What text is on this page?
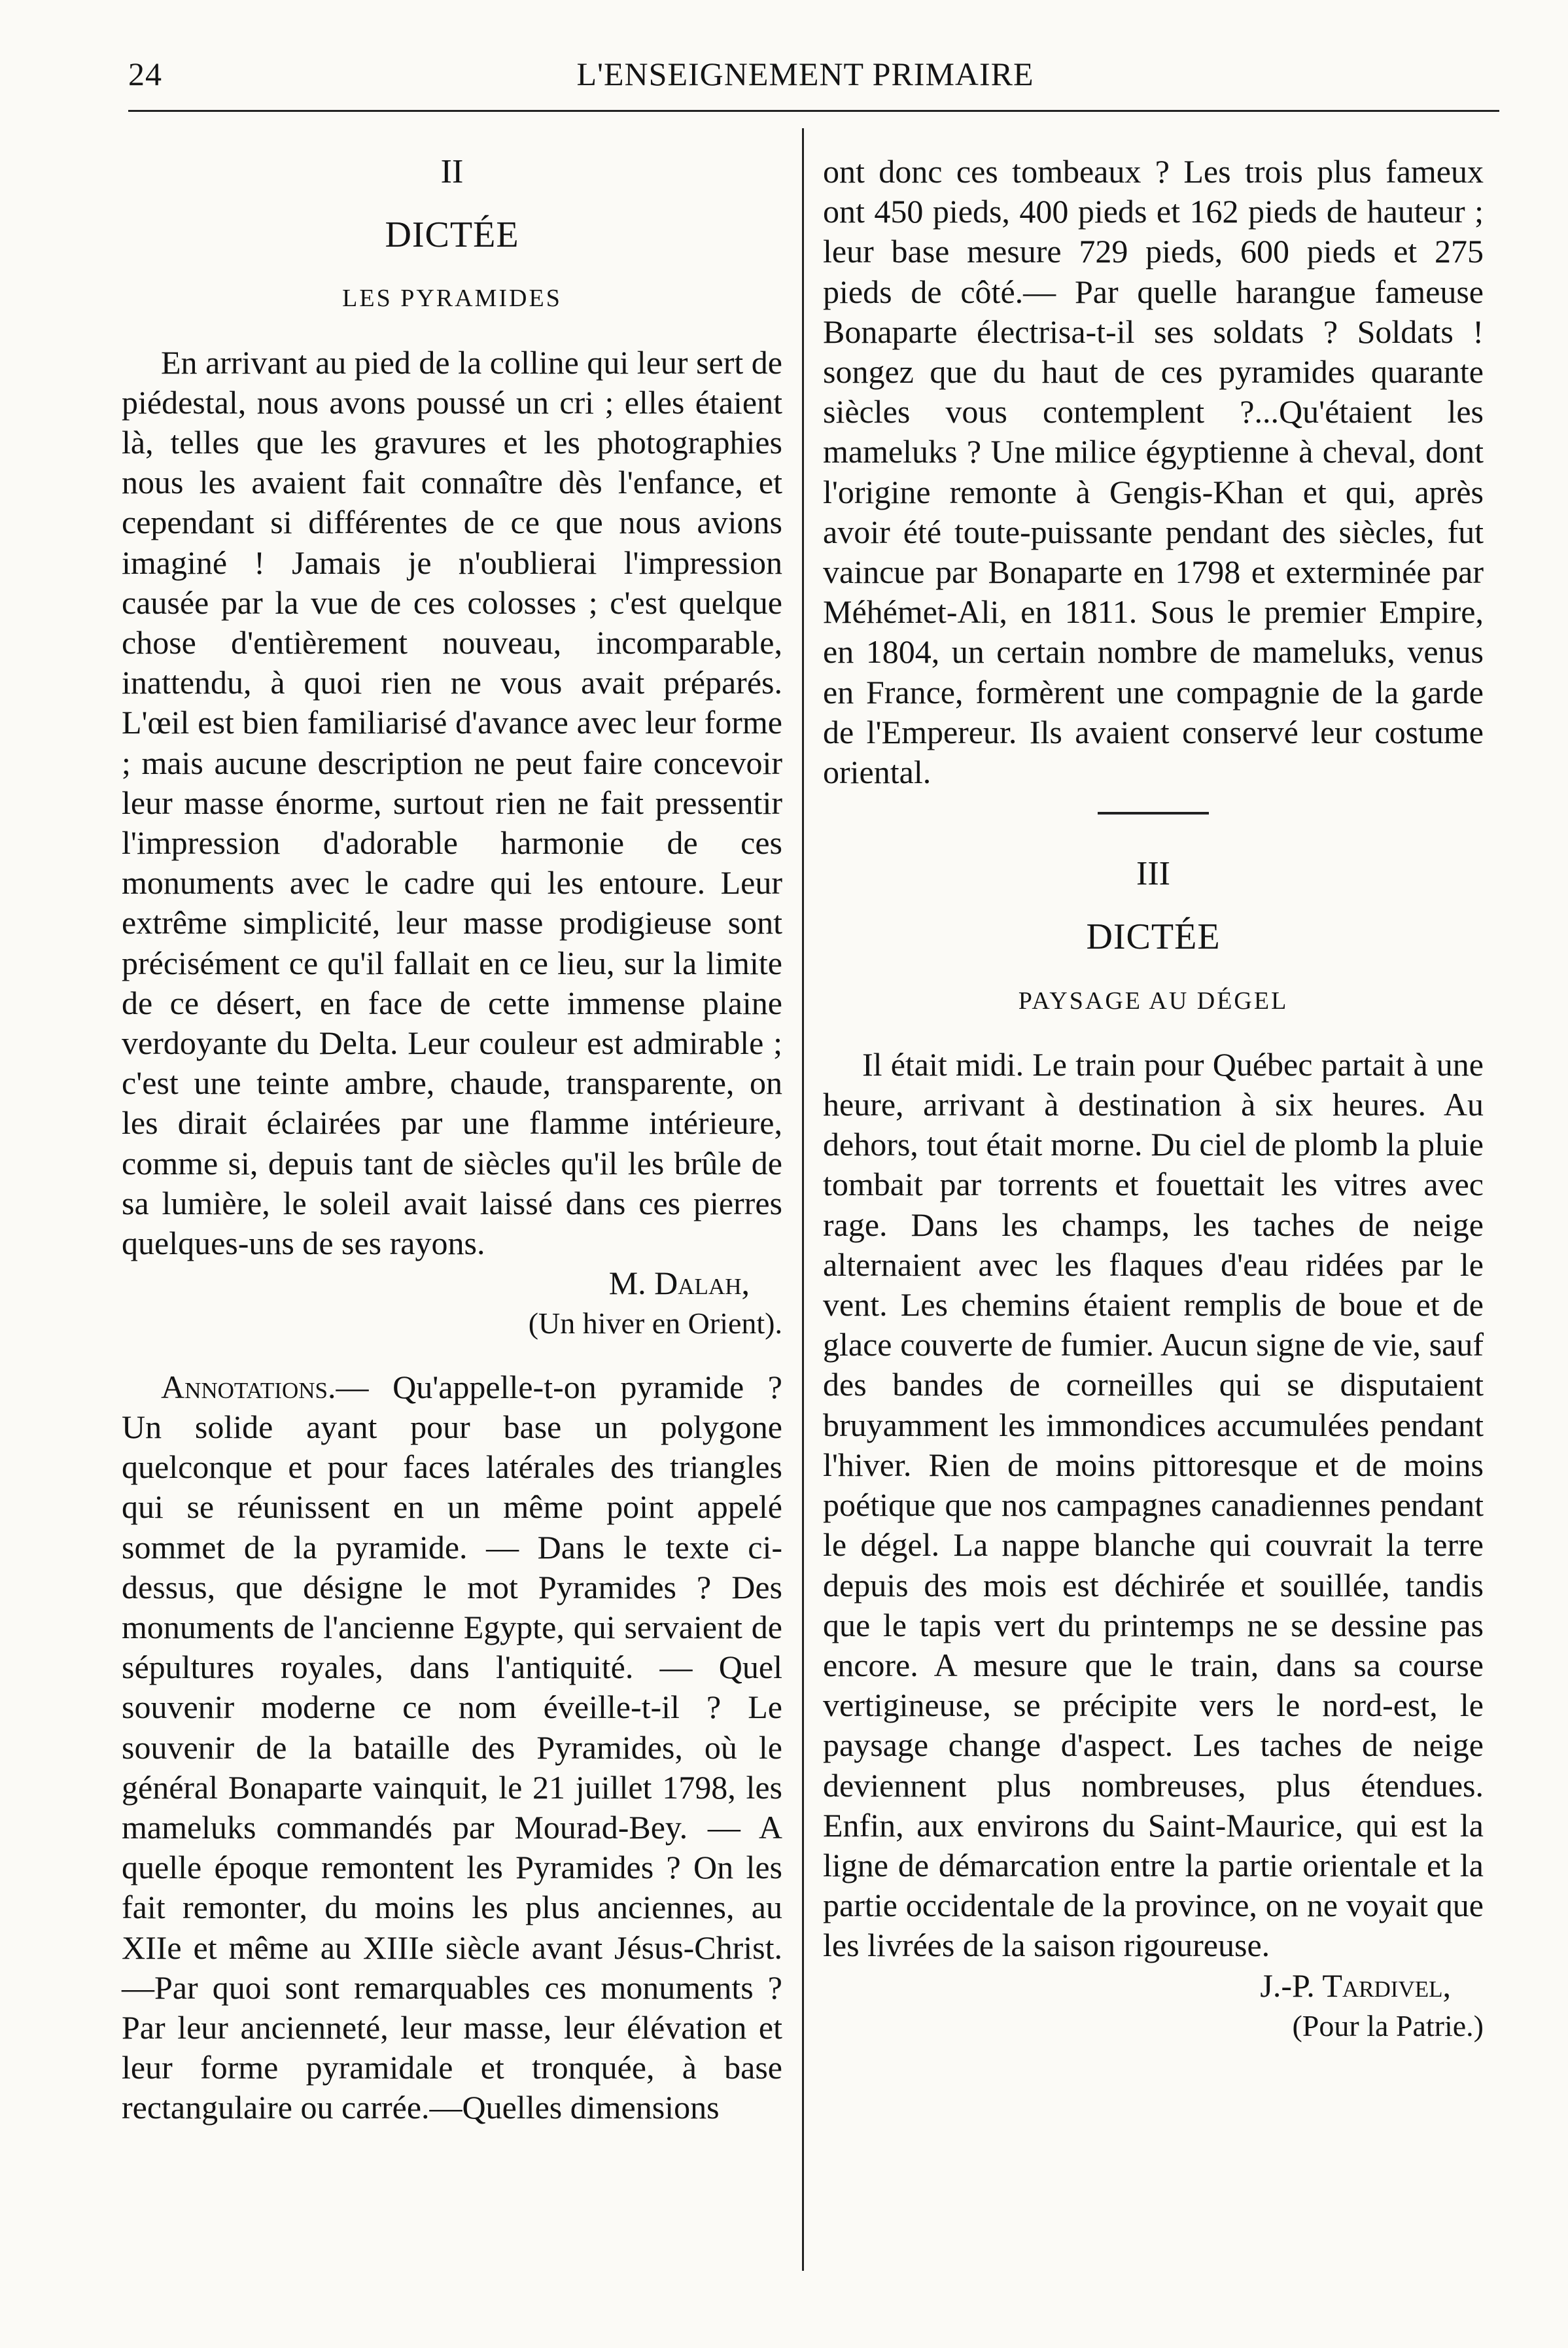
24	L'ENSEIGNEMENT PRIMAIRE

II

DICTÉE

LES PYRAMIDES

En arrivant au pied de la colline qui leur sert de piédestal, nous avons poussé un cri ; elles étaient là, telles que les gravures et les photographies nous les avaient fait connaître dès l'enfance, et cependant si différentes de ce que nous avions imaginé ! Jamais je n'oublierai l'impression causée par la vue de ces colosses ; c'est quelque chose d'entièrement nouveau, incomparable, inattendu, à quoi rien ne vous avait préparés. L'œil est bien familiarisé d'avance avec leur forme ; mais aucune description ne peut faire concevoir leur masse énorme, surtout rien ne fait pressentir l'impression d'adorable harmonie de ces monuments avec le cadre qui les entoure. Leur extrême simplicité, leur masse prodigieuse sont précisément ce qu'il fallait en ce lieu, sur la limite de ce désert, en face de cette immense plaine verdoyante du Delta. Leur couleur est admirable ; c'est une teinte ambre, chaude, transparente, on les dirait éclairées par une flamme intérieure, comme si, depuis tant de siècles qu'il les brûle de sa lumière, le soleil avait laissé dans ces pierres quelques-uns de ses rayons.

M. Dalah,

(Un hiver en Orient).

Annotations.— Qu'appelle-t-on pyramide ? Un solide ayant pour base un polygone quelconque et pour faces latérales des triangles qui se réunissent en un même point appelé sommet de la pyramide. — Dans le texte ci-dessus, que désigne le mot Pyramides ? Des monuments de l'ancienne Egypte, qui servaient de sépultures royales, dans l'antiquité. — Quel souvenir moderne ce nom éveille-t-il ? Le souvenir de la bataille des Pyramides, où le général Bonaparte vainquit, le 21 juillet 1798, les mameluks commandés par Mourad-Bey. — A quelle époque remontent les Pyramides ? On les fait remonter, du moins les plus anciennes, au XIIe et même au XIIIe siècle avant Jésus-Christ.—Par quoi sont remarquables ces monuments ? Par leur ancienneté, leur masse, leur élévation et leur forme pyramidale et tronquée, à base rectangulaire ou carrée.—Quelles dimensions

ont donc ces tombeaux ? Les trois plus fameux ont 450 pieds, 400 pieds et 162 pieds de hauteur ; leur base mesure 729 pieds, 600 pieds et 275 pieds de côté.— Par quelle harangue fameuse Bonaparte électrisa-t-il ses soldats ? Soldats ! songez que du haut de ces pyramides quarante siècles vous contemplent ?...Qu'étaient les mameluks ? Une milice égyptienne à cheval, dont l'origine remonte à Gengis-Khan et qui, après avoir été toute-puissante pendant des siècles, fut vaincue par Bonaparte en 1798 et exterminée par Méhémet-Ali, en 1811. Sous le premier Empire, en 1804, un certain nombre de mameluks, venus en France, formèrent une compagnie de la garde de l'Empereur. Ils avaient conservé leur costume oriental.

III

DICTÉE

PAYSAGE AU DÉGEL

Il était midi. Le train pour Québec partait à une heure, arrivant à destination à six heures. Au dehors, tout était morne. Du ciel de plomb la pluie tombait par torrents et fouettait les vitres avec rage. Dans les champs, les taches de neige alternaient avec les flaques d'eau ridées par le vent. Les chemins étaient remplis de boue et de glace couverte de fumier. Aucun signe de vie, sauf des bandes de corneilles qui se disputaient bruyamment les immondices accumulées pendant l'hiver. Rien de moins pittoresque et de moins poétique que nos campagnes canadiennes pendant le dégel. La nappe blanche qui couvrait la terre depuis des mois est déchirée et souillée, tandis que le tapis vert du printemps ne se dessine pas encore. A mesure que le train, dans sa course vertigineuse, se précipite vers le nord-est, le paysage change d'aspect. Les taches de neige deviennent plus nombreuses, plus étendues. Enfin, aux environs du Saint-Maurice, qui est la ligne de démarcation entre la partie orientale et la partie occidentale de la province, on ne voyait que les livrées de la saison rigoureuse.

J.-P. Tardivel,

(Pour la Patrie.)
